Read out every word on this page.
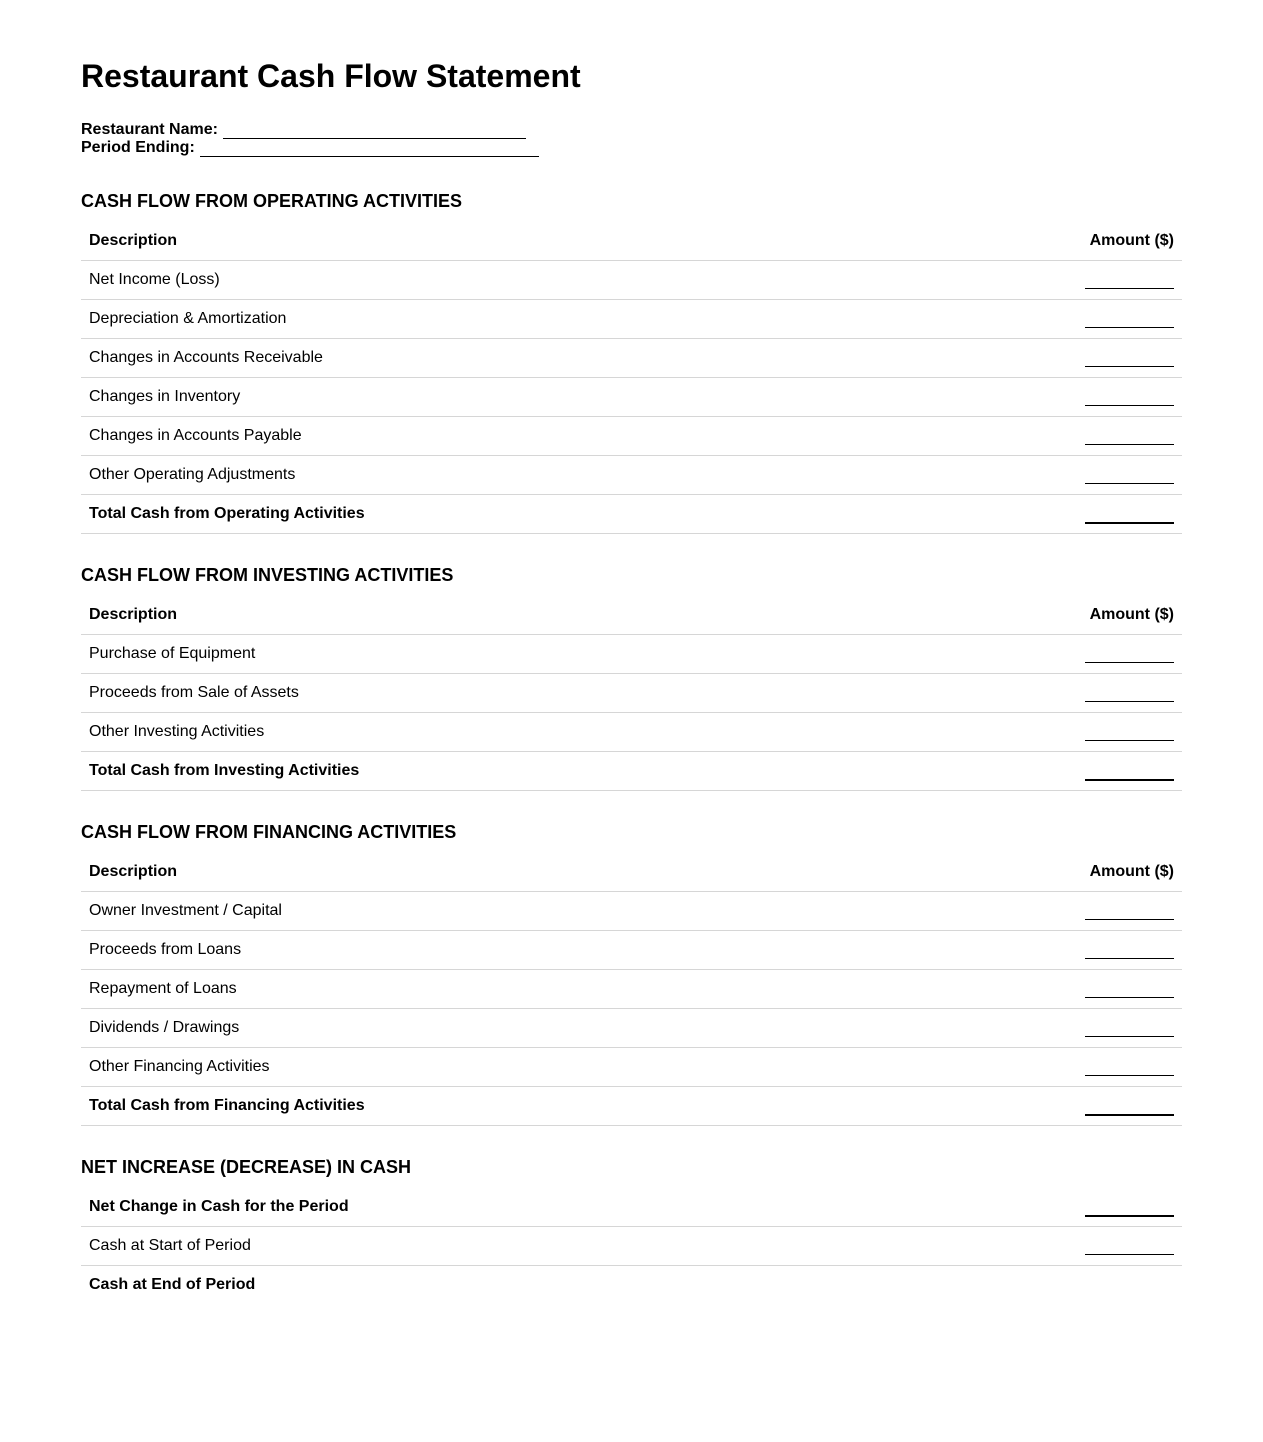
Restaurant Cash Flow Statement
Restaurant Name:
Period Ending:
CASH FLOW FROM OPERATING ACTIVITIES
Description	Amount ($)
Net Income (Loss)	
Depreciation & Amortization	
Changes in Accounts Receivable	
Changes in Inventory	
Changes in Accounts Payable	
Other Operating Adjustments	
Total Cash from Operating Activities	
CASH FLOW FROM INVESTING ACTIVITIES
Description	Amount ($)
Purchase of Equipment	
Proceeds from Sale of Assets	
Other Investing Activities	
Total Cash from Investing Activities	
CASH FLOW FROM FINANCING ACTIVITIES
Description	Amount ($)
Owner Investment / Capital	
Proceeds from Loans	
Repayment of Loans	
Dividends / Drawings	
Other Financing Activities	
Total Cash from Financing Activities	
NET INCREASE (DECREASE) IN CASH
Net Change in Cash for the Period	
Cash at Start of Period	
Cash at End of Period	
